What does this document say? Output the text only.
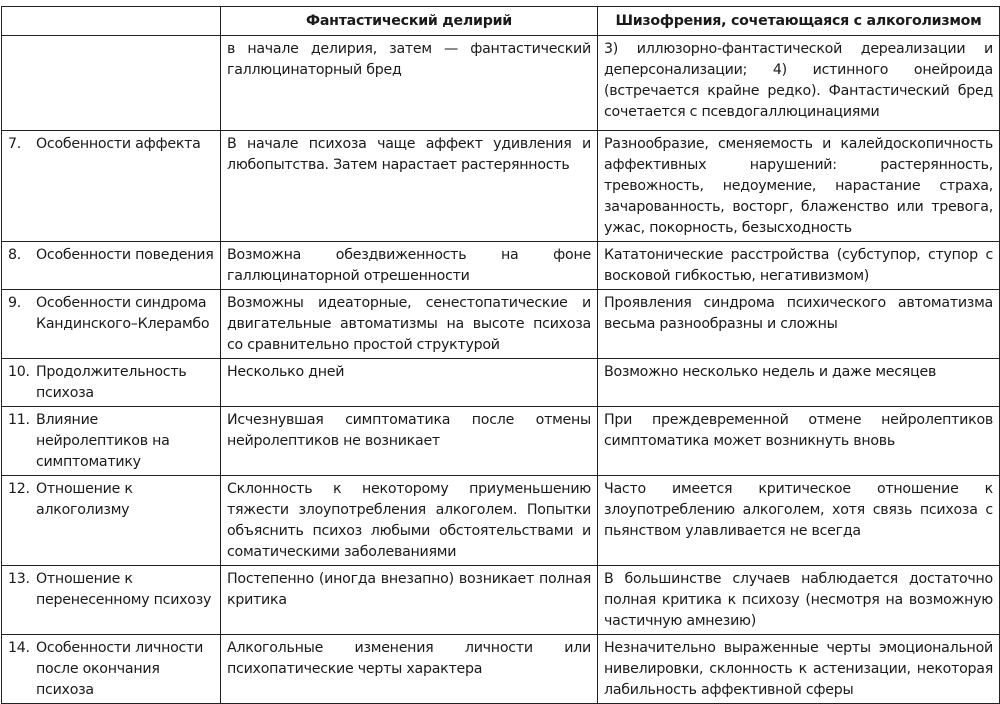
	Фантастический делирий	Шизофрения, сочетающаяся с алкоголизмом

	в начале делирия, затем — фантастический галлюцинаторный бред	3) иллюзорно-фантастической дереализации и деперсонализации; 4) истинного онейроида (встречается крайне редко). Фантастический бред сочетается с псевдогаллюцинациями

7. Особенности аффекта	В начале психоза чаще аффект удивления и любопытства. Затем нарастает растерянность	Разнообразие, сменяемость и калейдоскопичность аффективных нарушений: растерянность, тревожность, недоумение, нарастание страха, зачарованность, восторг, блаженство или тревога, ужас, покорность, безысходность

8. Особенности поведения	Возможна обездвиженность на фоне галлюцинаторной отрешенности	Кататонические расстройства (субступор, ступор с восковой гибкостью, негативизмом)

9. Особенности синдрома Кандинского–Клерамбо	Возможны идеаторные, сенестопатические и двигательные автоматизмы на высоте психоза со сравнительно простой структурой	Проявления синдрома психического автоматизма весьма разнообразны и сложны

10. Продолжительность психоза	Несколько дней	Возможно несколько недель и даже месяцев

11. Влияние нейролептиков на симптоматику	Исчезнувшая симптоматика после отмены нейролептиков не возникает	При преждевременной отмене нейролептиков симптоматика может возникнуть вновь

12. Отношение к алкоголизму	Склонность к некоторому приуменьшению тяжести злоупотребления алкоголем. Попытки объяснить психоз любыми обстоятельствами и соматическими заболеваниями	Часто имеется критическое отношение к злоупотреблению алкоголем, хотя связь психоза с пьянством улавливается не всегда

13. Отношение к перенесенному психозу	Постепенно (иногда внезапно) возникает полная критика	В большинстве случаев наблюдается достаточно полная критика к психозу (несмотря на возможную частичную амнезию)

14. Особенности личности после окончания психоза	Алкогольные изменения личности или психопатические черты характера	Незначительно выраженные черты эмоциональной нивелировки, склонность к астенизации, некоторая лабильность аффективной сферы
